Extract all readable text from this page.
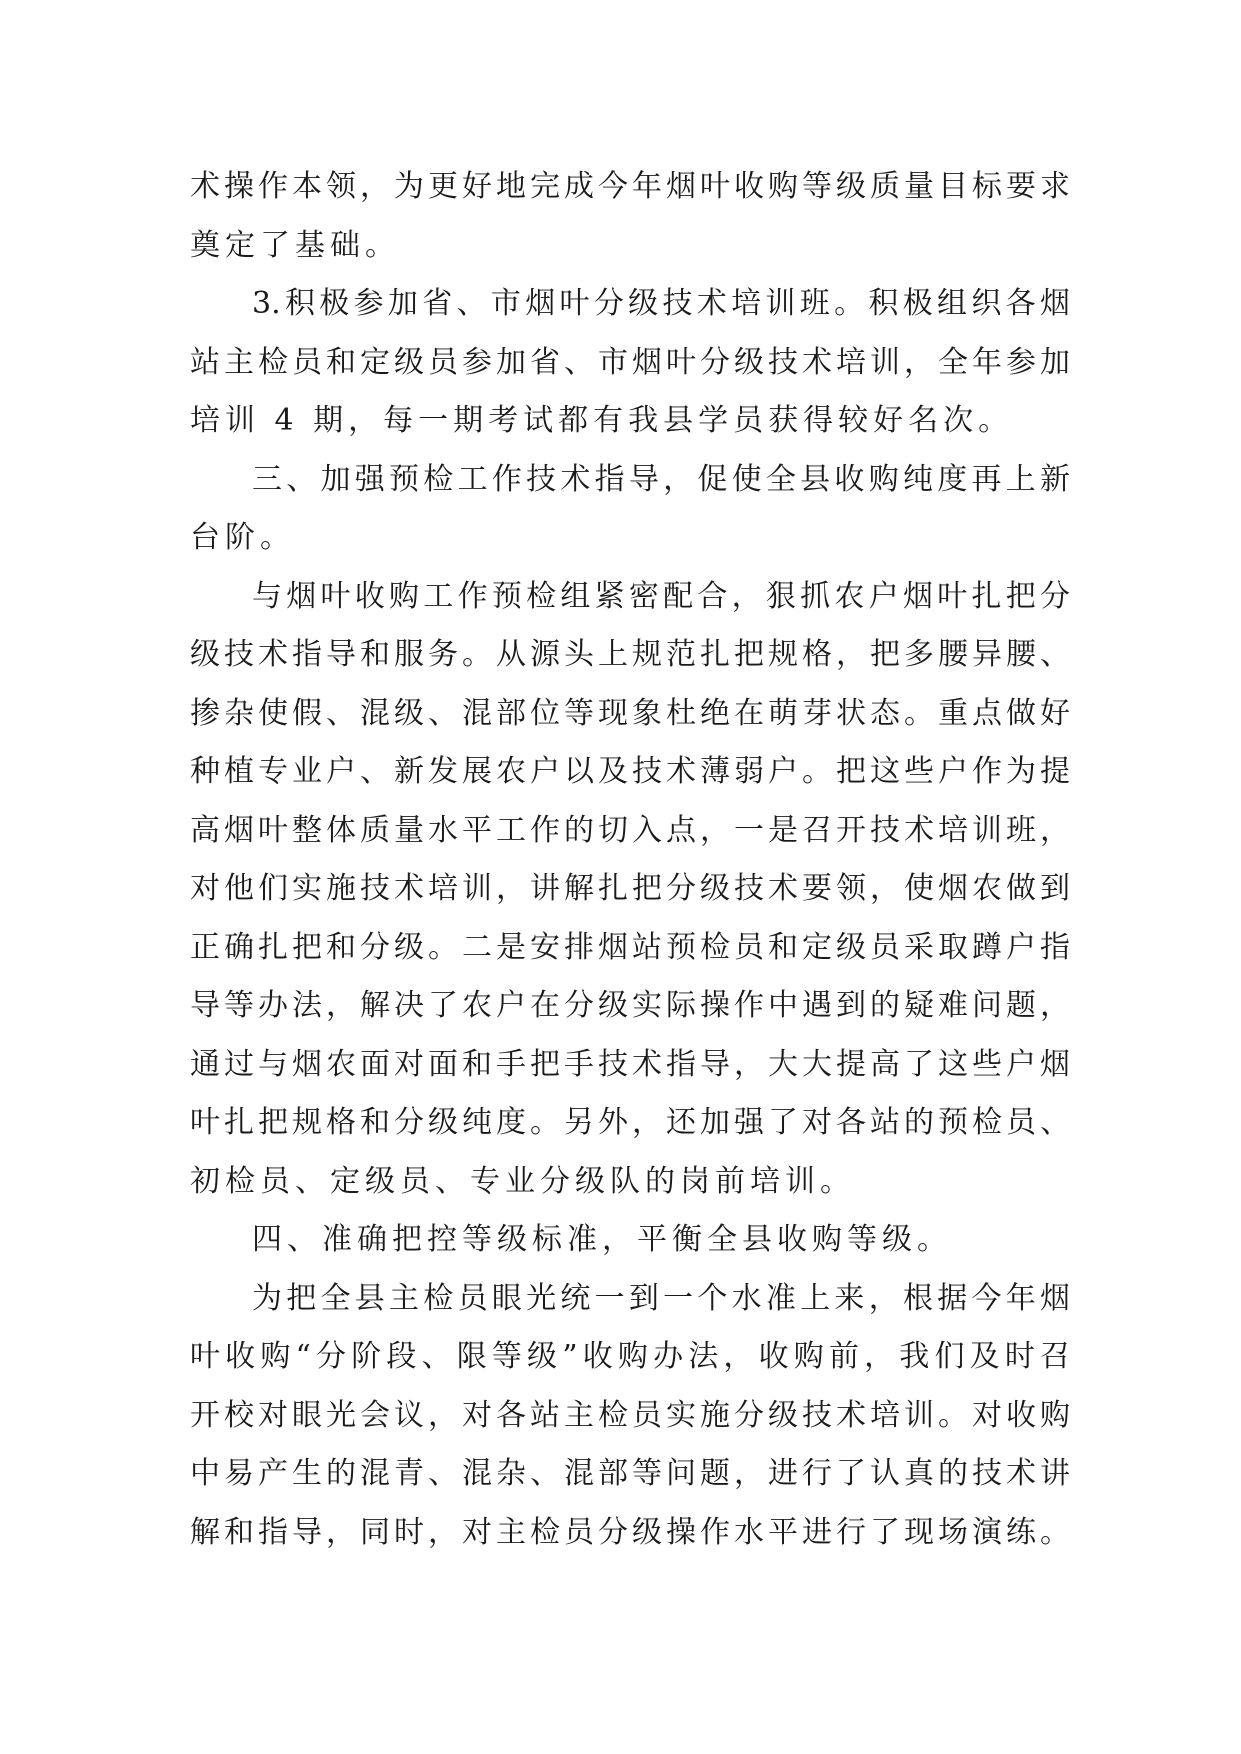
术操作本领，为更好地完成今年烟叶收购等级质量目标要求
奠定了基础。
3.积极参加省、市烟叶分级技术培训班。积极组织各烟
站主检员和定级员参加省、市烟叶分级技术培训，全年参加
培训 4 期，每一期考试都有我县学员获得较好名次。
三、加强预检工作技术指导，促使全县收购纯度再上新
台阶。
与烟叶收购工作预检组紧密配合，狠抓农户烟叶扎把分
级技术指导和服务。从源头上规范扎把规格，把多腰异腰、
掺杂使假、混级、混部位等现象杜绝在萌芽状态。重点做好
种植专业户、新发展农户以及技术薄弱户。把这些户作为提
高烟叶整体质量水平工作的切入点，一是召开技术培训班，
对他们实施技术培训，讲解扎把分级技术要领，使烟农做到
正确扎把和分级。二是安排烟站预检员和定级员采取蹲户指
导等办法，解决了农户在分级实际操作中遇到的疑难问题，
通过与烟农面对面和手把手技术指导，大大提高了这些户烟
叶扎把规格和分级纯度。另外，还加强了对各站的预检员、
初检员、定级员、专业分级队的岗前培训。
四、准确把控等级标准，平衡全县收购等级。
为把全县主检员眼光统一到一个水准上来，根据今年烟
叶收购“分阶段、限等级”收购办法，收购前，我们及时召
开校对眼光会议，对各站主检员实施分级技术培训。对收购
中易产生的混青、混杂、混部等问题，进行了认真的技术讲
解和指导，同时，对主检员分级操作水平进行了现场演练。
